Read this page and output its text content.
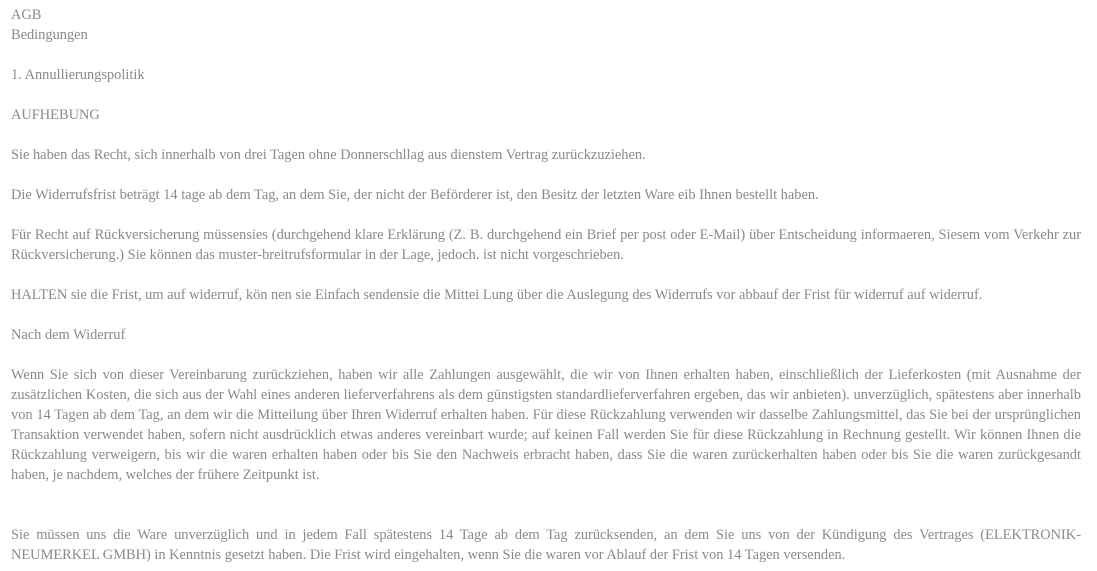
AGB

Bedingungen

1. Annullierungspolitik

AUFHEBUNG

Sie haben das Recht, sich innerhalb von drei Tagen ohne Donnerschllag aus dienstem Vertrag zurückzuziehen.

Die Widerrufsfrist beträgt 14 tage ab dem Tag, an dem Sie, der nicht der Beförderer ist, den Besitz der letzten Ware eib Ihnen bestellt haben.

Für Recht auf Rückversicherung müssensies (durchgehend klare Erklärung (Z. B. durchgehend ein Brief per post oder E-Mail) über Entscheidung informaeren, Siesem vom Verkehr zur Rückversicherung.) Sie können das muster-breitrufsformular in der Lage, jedoch. ist nicht vorgeschrieben.

HALTEN sie die Frist, um auf widerruf, kön nen sie Einfach sendensie die Mittei Lung über die Auslegung des Widerrufs vor abbauf der Frist für widerruf auf widerruf.

Nach dem Widerruf

Wenn Sie sich von dieser Vereinbarung zurückziehen, haben wir alle Zahlungen ausgewählt, die wir von Ihnen erhalten haben, einschließlich der Lieferkosten (mit Ausnahme der zusätzlichen Kosten, die sich aus der Wahl eines anderen lieferverfahrens als dem günstigsten standardlieferverfahren ergeben, das wir anbieten). unverzüglich, spätestens aber innerhalb von 14 Tagen ab dem Tag, an dem wir die Mitteilung über Ihren Widerruf erhalten haben. Für diese Rückzahlung verwenden wir dasselbe Zahlungsmittel, das Sie bei der ursprünglichen Transaktion verwendet haben, sofern nicht ausdrücklich etwas anderes vereinbart wurde; auf keinen Fall werden Sie für diese Rückzahlung in Rechnung gestellt. Wir können Ihnen die Rückzahlung verweigern, bis wir die waren erhalten haben oder bis Sie den Nachweis erbracht haben, dass Sie die waren zurückerhalten haben oder bis Sie die waren zurückgesandt haben, je nachdem, welches der frühere Zeitpunkt ist.

Sie müssen uns die Ware unverzüglich und in jedem Fall spätestens 14 Tage ab dem Tag zurücksenden, an dem Sie uns von der Kündigung des Vertrages (ELEKTRONIK-NEUMERKEL GMBH) in Kenntnis gesetzt haben. Die Frist wird eingehalten, wenn Sie die waren vor Ablauf der Frist von 14 Tagen versenden.
